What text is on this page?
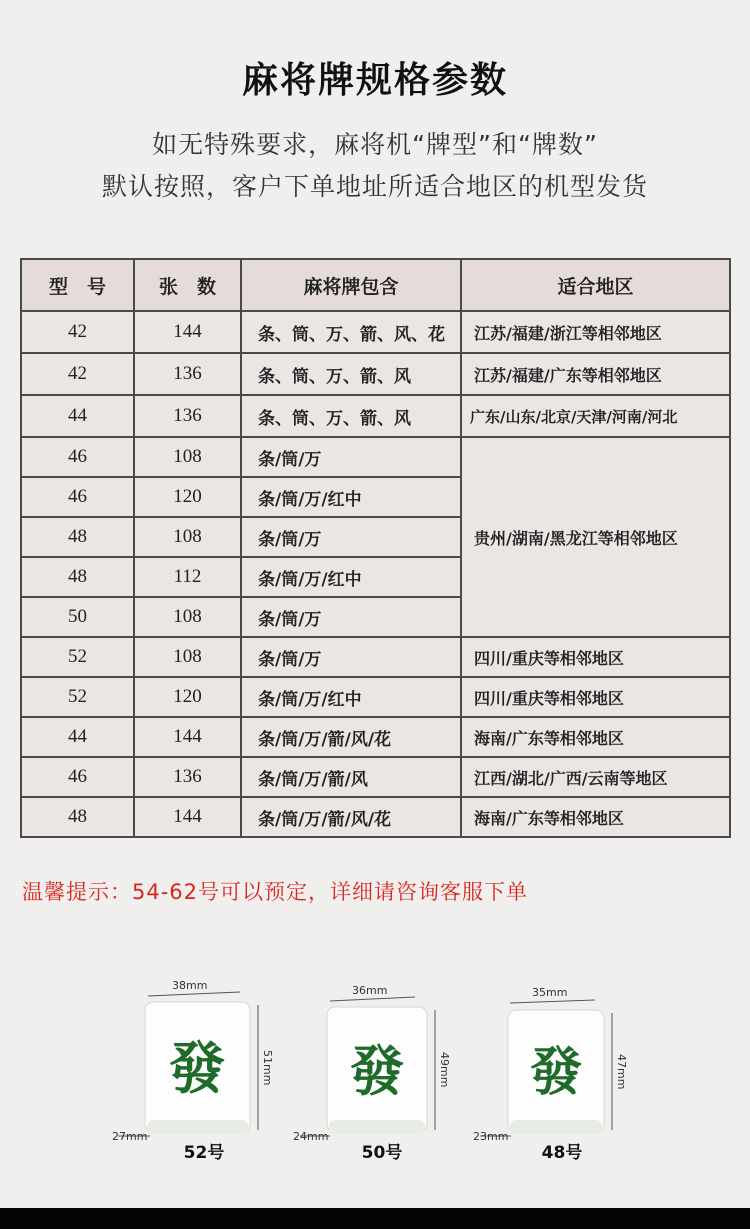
麻将牌规格参数
如无特殊要求，麻将机“牌型”和“牌数”
默认按照，客户下单地址所适合地区的机型发货
型　号	张　数	麻将牌包含	适合地区
42	144	条、筒、万、箭、风、花	江苏/福建/浙江等相邻地区
42	136	条、筒、万、箭、风	江苏/福建/广东等相邻地区
44	136	条、筒、万、箭、风	广东/山东/北京/天津/河南/河北
46	108	条/筒/万	贵州/湖南/黑龙江等相邻地区
46	120	条/筒/万/红中	
48	108	条/筒/万	
48	112	条/筒/万/红中	
50	108	条/筒/万	
52	108	条/筒/万	四川/重庆等相邻地区
52	120	条/筒/万/红中	四川/重庆等相邻地区
44	144	条/筒/万/箭/风/花	海南/广东等相邻地区
46	136	条/筒/万/箭/风	江西/湖北/广西/云南等地区
48	144	条/筒/万/箭/风/花	海南/广东等相邻地区
温馨提示：54-62号可以预定，详细请咨询客服下单
38mm
發	51mm
27mm
52号
36mm
發	49mm
24mm
50号
35mm
發	47mm
23mm
48号
